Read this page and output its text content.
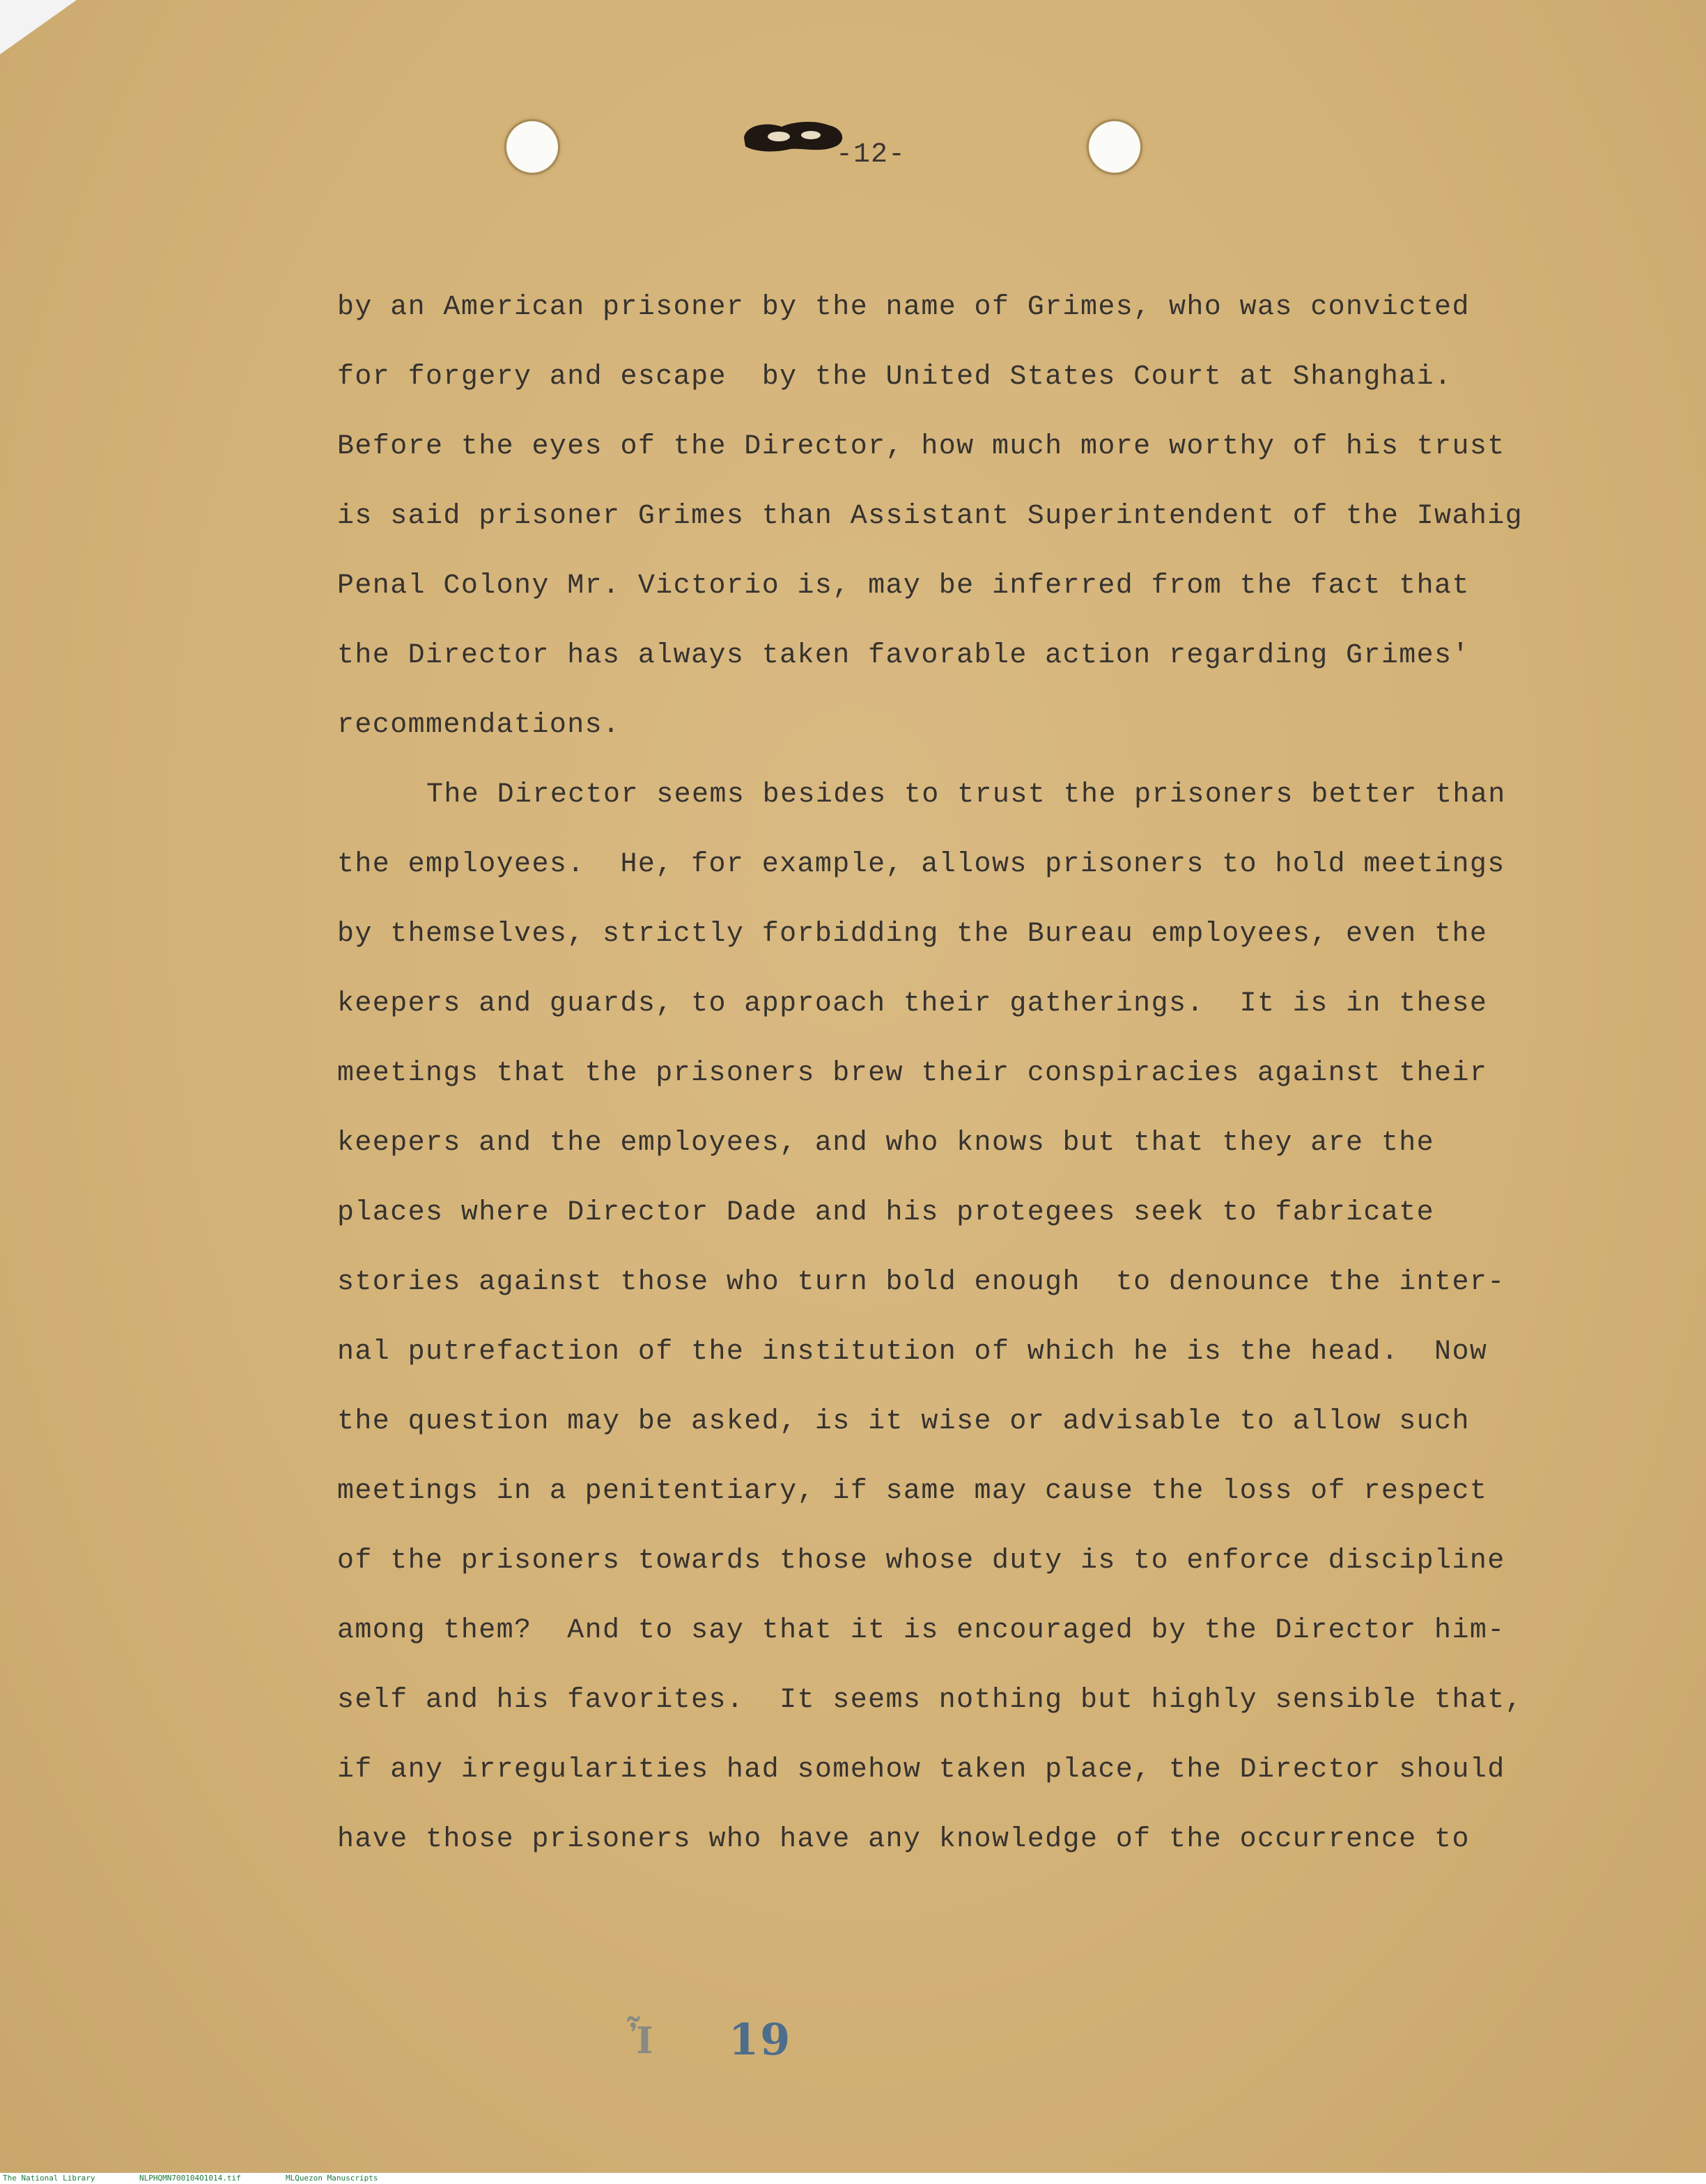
-12-
by an American prisoner by the name of Grimes, who was convicted
for forgery and escape  by the United States Court at Shanghai.
Before the eyes of the Director, how much more worthy of his trust
is said prisoner Grimes than Assistant Superintendent of the Iwahig
Penal Colony Mr. Victorio is, may be inferred from the fact that
the Director has always taken favorable action regarding Grimes'
recommendations.
The Director seems besides to trust the prisoners better than
the employees.  He, for example, allows prisoners to hold meetings
by themselves, strictly forbidding the Bureau employees, even the
keepers and guards, to approach their gatherings.  It is in these
meetings that the prisoners brew their conspiracies against their
keepers and the employees, and who knows but that they are the
places where Director Dade and his protegees seek to fabricate
stories against those who turn bold enough  to denounce the inter-
nal putrefaction of the institution of which he is the head.  Now
the question may be asked, is it wise or advisable to allow such
meetings in a penitentiary, if same may cause the loss of respect
of the prisoners towards those whose duty is to enforce discipline
among them?  And to say that it is encouraged by the Director him-
self and his favorites.  It seems nothing but highly sensible that,
if any irregularities had somehow taken place, the Director should
have those prisoners who have any knowledge of the occurrence to
Ἶ 19
The National Library	NLPHQMN700104O1014.tif	MLQuezon Manuscripts
